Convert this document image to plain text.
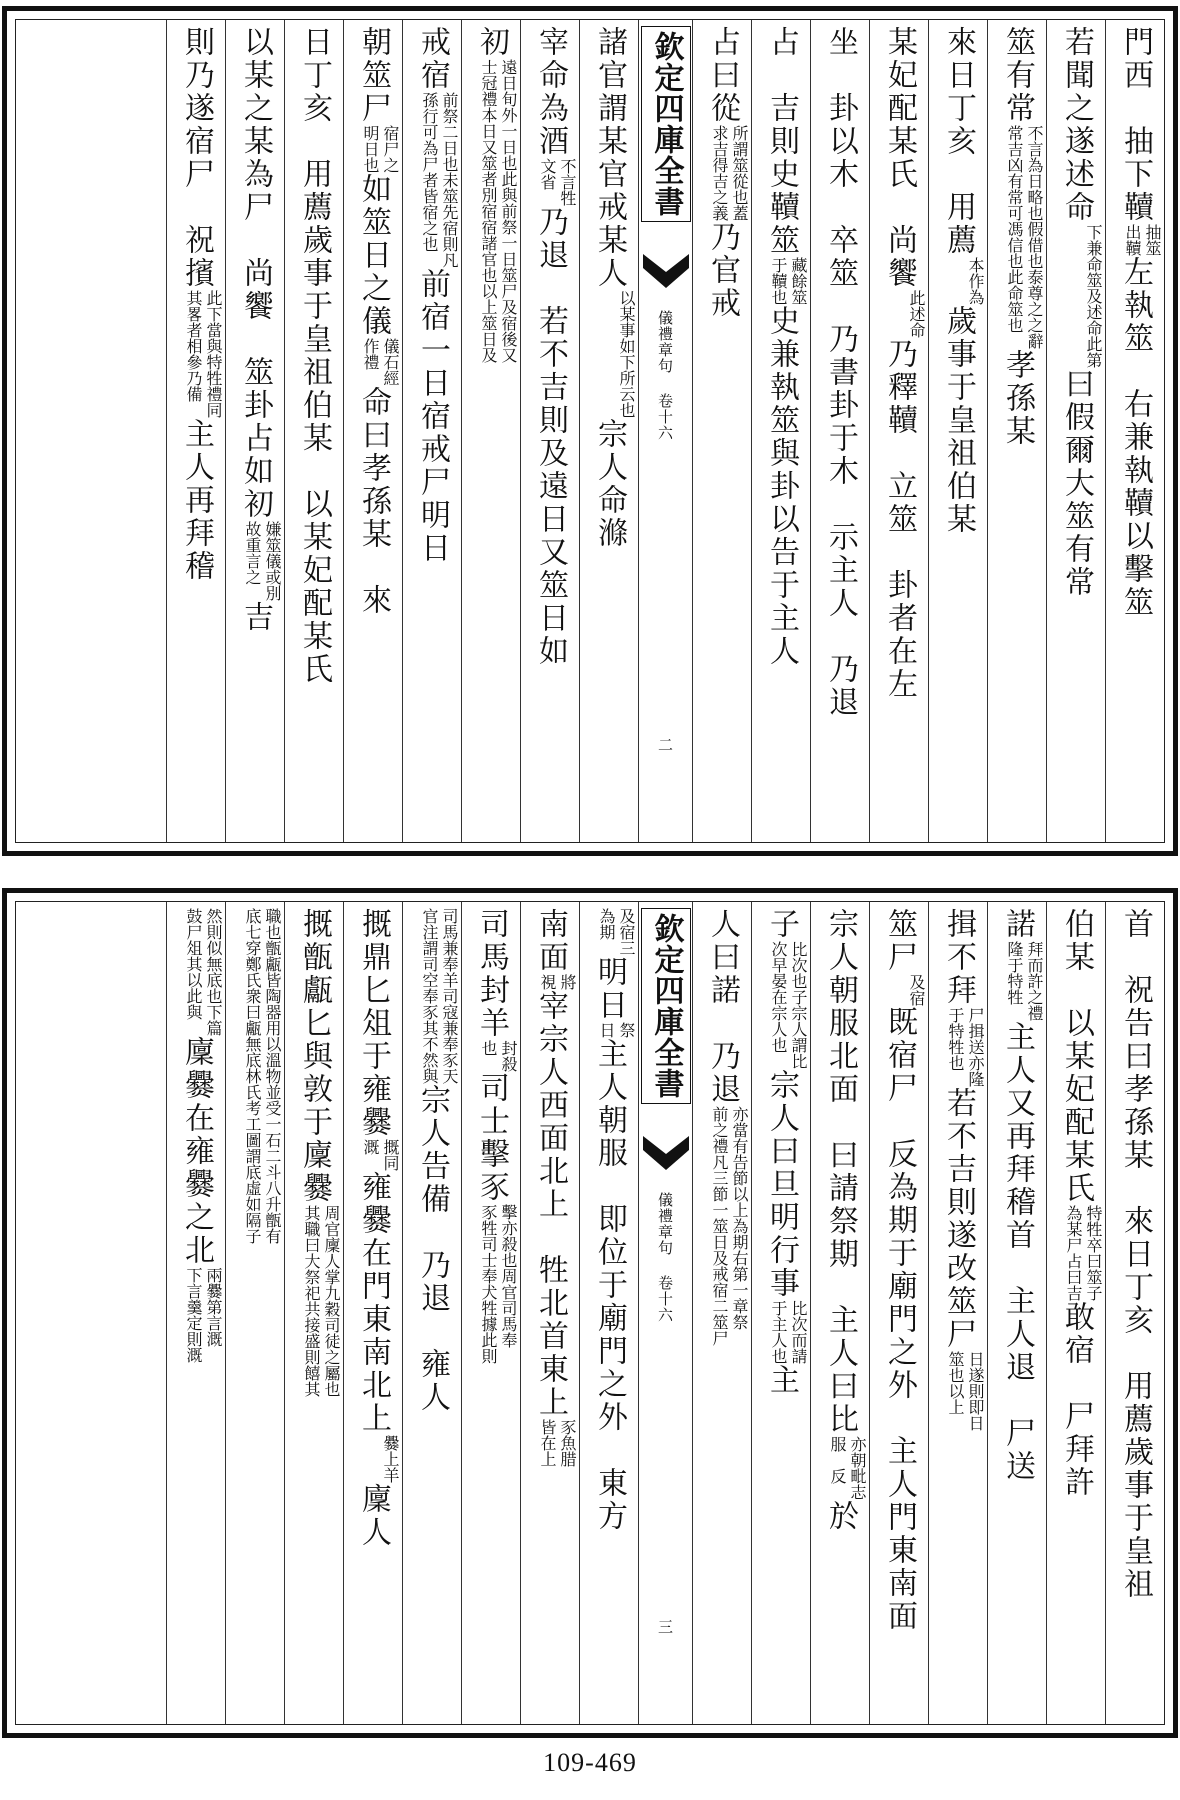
門西　抽下韇
抽筮
出韇
左執筮　右兼執韇以擊筮
若聞之遂述命
下兼命筮及述命此第
曰假爾大筮有常
筮有常
不言為日略也假借也泰尊之之辭
常吉凶有常可馮信也此命筮也
孝孫某
來日丁亥　用薦
本作為
歲事于皇祖伯某
某妃配某氏　尚饗
此述命
乃釋韇　立筮　卦者在左
坐　卦以木　卒筮　乃書卦于木　示主人　乃退
占　吉則史韇筮
藏餘筮
于韇也
史兼執筮與卦以告于主人
占曰從
所謂筮從也蓋
求吉得吉之義
乃官戒
欽定四庫全書
儀禮章句 卷十六
二
諸官謂某官戒某人
以某事如下所云也
宗人命滌
宰命為酒
不言牲
文省
乃退　若不吉則及遠日又筮日如
初
遠日旬外一日也此與前祭一日筮尸及宿後又
士冠禮本日又筮者別宿宿諸官也以上筮日及
戒宿
前祭二日也未筮先宿則凡
孫行可為尸者皆宿之也
前宿一日宿戒尸明日
朝筮尸
宿尸之
明日也
如筮日之儀
儀石經
作禮
命曰孝孫某　來
日丁亥　用薦歲事于皇祖伯某　以某妃配某氏
以某之某為尸　尚饗　筮卦占如初
嫌筮儀或別
故重言之
吉
則乃遂宿尸　祝擯
此下當與特牲禮同
其畧者相參乃備
主人再拜稽
首　祝告曰孝孫某　來日丁亥　用薦歲事于皇祖
伯某　以某妃配某氏
特牲卒曰筮子
為某尸占曰吉
敢宿　尸拜許
諾
拜而許之禮
隆于特牲
主人又再拜稽首　主人退　尸送
揖不拜
尸揖送亦隆
于特牲也
若不吉則遂改筮尸
日遂則即日
筮也以上
筮尸
及宿
既宿尸　反為期于廟門之外　主人門東南面
宗人朝服北面　曰請祭期　主人曰比
亦朝
服
毗志
反
於
子
比次也子宗人謂比
次早晏在宗人也
宗人曰旦明行事
比次而請
于主人也
主
人曰諾　乃退
亦當有告節以上為期右第一章祭
前之禮凡三節一筮日及戒宿二筮尸
欽定四庫全書
儀禮章句 卷十六
三
及宿三
為期
明日
祭
日
主人朝服　即位于廟門之外　東方
南面
將
視
宰宗人西面北上　牲北首東上
豕魚腊
皆在上
司馬封羊
封殺
也
司士擊豕
擊亦殺也周官司馬奉
豕牲司士奉犬牲據此則
司馬兼奉羊司寇兼奉豕天
官注謂司空奉豕其不然與
宗人告備　乃退　雍人
摡鼎匕俎于雍爨
摡同
溉
雍爨在門東南北上
爨上羊
廩人
摡甑甗匕與敦于廩爨
周官廩人掌九穀司徒之屬也
其職曰大祭祀共接盛則饎其
職也甑甗皆陶器用以溫物並受一石二斗八升甑有
底七穿鄭氏衆曰甗無底林氏考工圖謂底虛如隔子
然則似無底也下篇
鼓尸俎其以此與
廩爨在雍爨之北
兩爨第言溉
下言羹定則溉
109-469
